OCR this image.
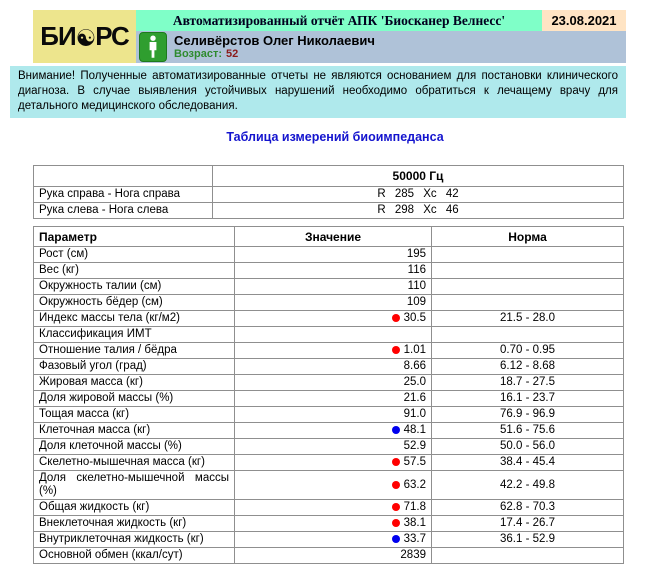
БИ☯РС
Автоматизированный отчёт АПК 'Биосканер Велнесс'	23.08.2021
Селивёрстов Олег Николаевич
Возраст: 52
Внимание! Полученные автоматизированные отчеты не являются основанием для постановки клинического диагноза. В случае выявления устойчивых нарушений необходимо обратиться к лечащему врачу для детального медицинского обследования.
Таблица измерений биоимпеданса
	50000 Гц
Рука справа - Нога справа	R 285 Xc 42
Рука слева - Нога слева	R 298 Xc 46
Параметр	Значение	Норма
Рост (см)	195	
Вес (кг)	116	
Окружность талии (см)	110	
Окружность бёдер (см)	109	
Индекс массы тела (кг/м2)	30.5	21.5 - 28.0
Классификация ИМТ		
Отношение талия / бёдра	1.01	0.70 - 0.95
Фазовый угол (град)	8.66	6.12 - 8.68
Жировая масса (кг)	25.0	18.7 - 27.5
Доля жировой массы (%)	21.6	16.1 - 23.7
Тощая масса (кг)	91.0	76.9 - 96.9
Клеточная масса (кг)	48.1	51.6 - 75.6
Доля клеточной массы (%)	52.9	50.0 - 56.0
Скелетно-мышечная масса (кг)	57.5	38.4 - 45.4
Доля скелетно-мышечной массы (%)	63.2	42.2 - 49.8
Общая жидкость (кг)	71.8	62.8 - 70.3
Внеклеточная жидкость (кг)	38.1	17.4 - 26.7
Внутриклеточная жидкость (кг)	33.7	36.1 - 52.9
Основной обмен (ккал/сут)	2839	
